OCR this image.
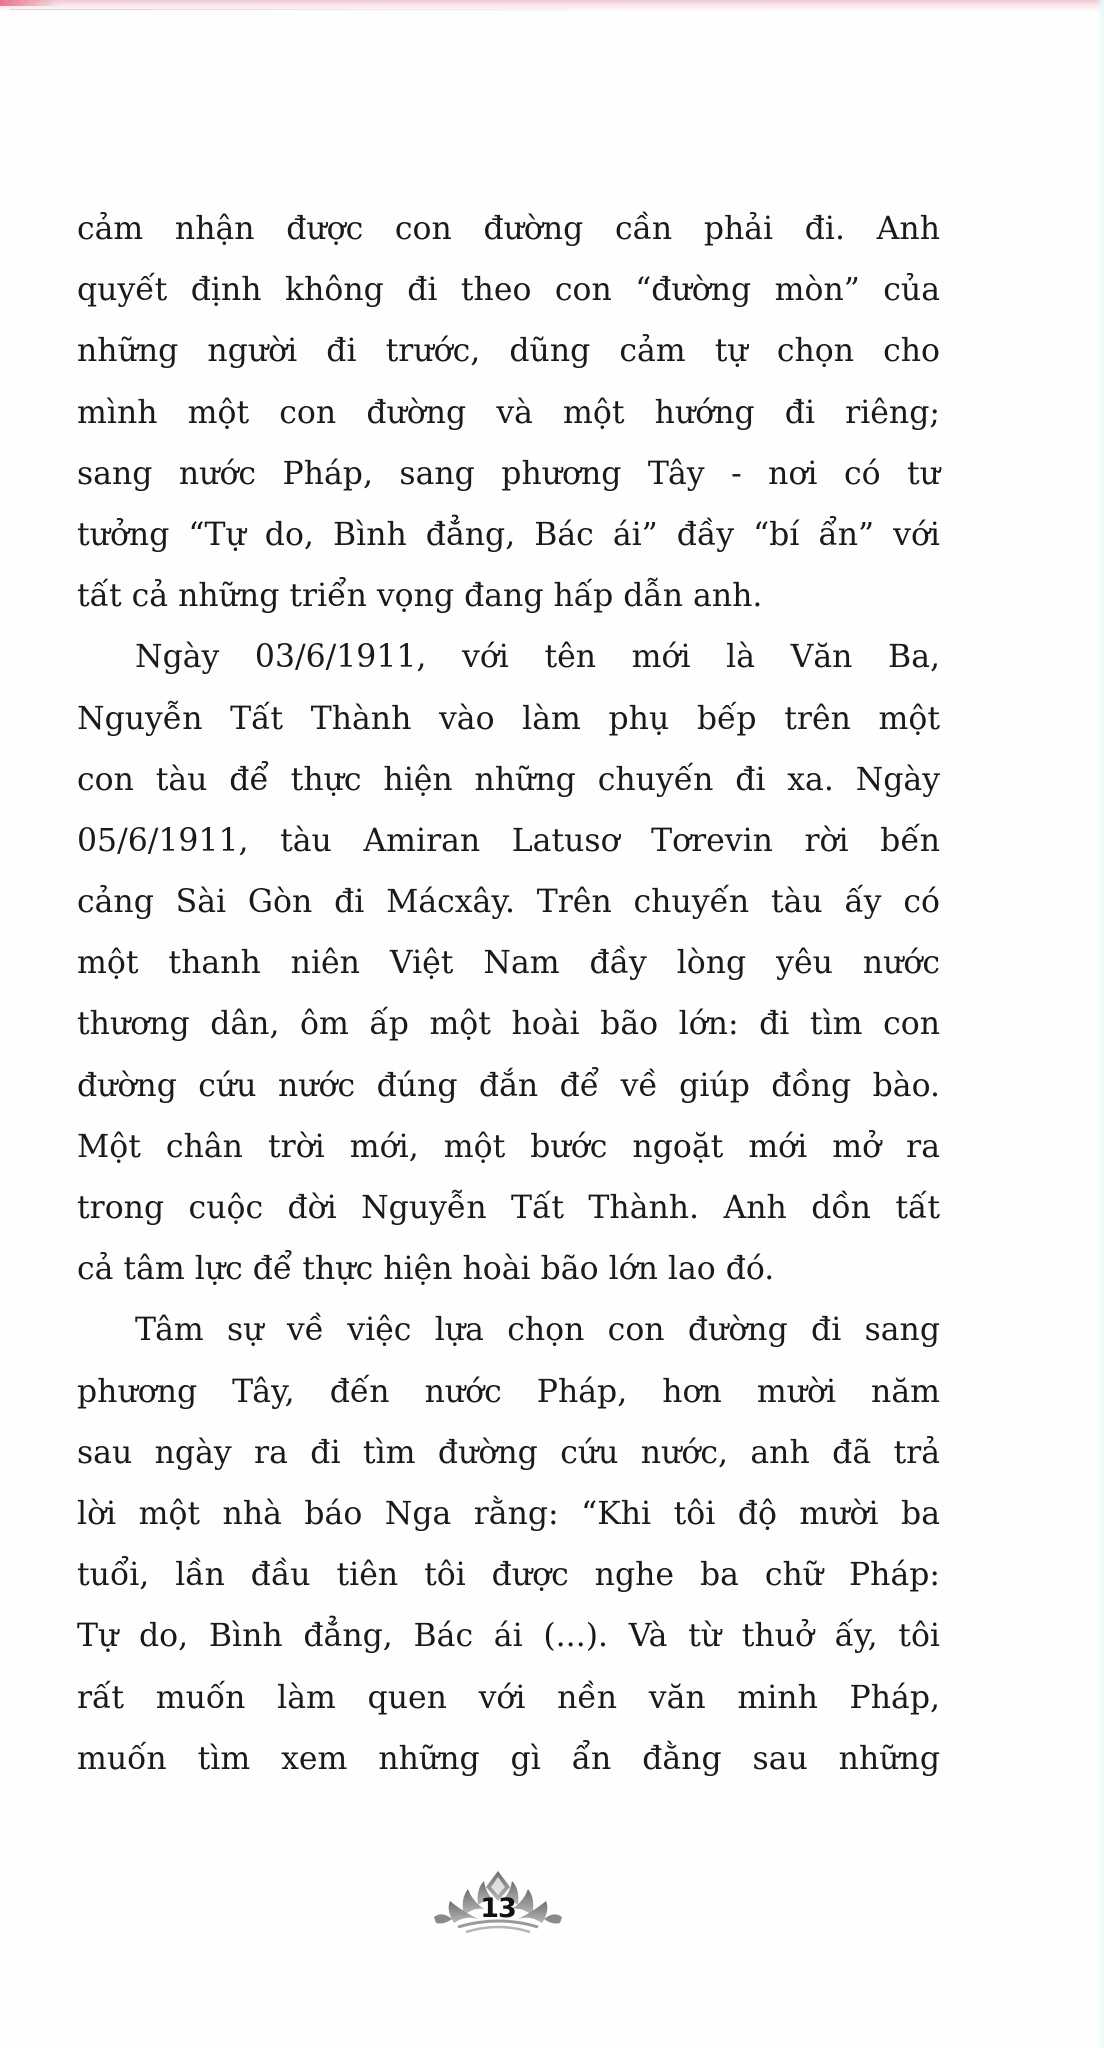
cảm nhận được con đường cần phải đi. Anh
quyết định không đi theo con “đường mòn” của
những người đi trước, dũng cảm tự chọn cho
mình một con đường và một hướng đi riêng;
sang nước Pháp, sang phương Tây - nơi có tư
tưởng “Tự do, Bình đẳng, Bác ái” đầy “bí ẩn” với
tất cả những triển vọng đang hấp dẫn anh.

Ngày 03/6/1911, với tên mới là Văn Ba,
Nguyễn Tất Thành vào làm phụ bếp trên một
con tàu để thực hiện những chuyến đi xa. Ngày
05/6/1911, tàu Amiran Latusơ Tơrevin rời bến
cảng Sài Gòn đi Mácxây. Trên chuyến tàu ấy có
một thanh niên Việt Nam đầy lòng yêu nước
thương dân, ôm ấp một hoài bão lớn: đi tìm con
đường cứu nước đúng đắn để về giúp đồng bào.
Một chân trời mới, một bước ngoặt mới mở ra
trong cuộc đời Nguyễn Tất Thành. Anh dồn tất
cả tâm lực để thực hiện hoài bão lớn lao đó.

Tâm sự về việc lựa chọn con đường đi sang
phương Tây, đến nước Pháp, hơn mười năm
sau ngày ra đi tìm đường cứu nước, anh đã trả
lời một nhà báo Nga rằng: “Khi tôi độ mười ba
tuổi, lần đầu tiên tôi được nghe ba chữ Pháp:
Tự do, Bình đẳng, Bác ái (...). Và từ thuở ấy, tôi
rất muốn làm quen với nền văn minh Pháp,
muốn tìm xem những gì ẩn đằng sau những

13
